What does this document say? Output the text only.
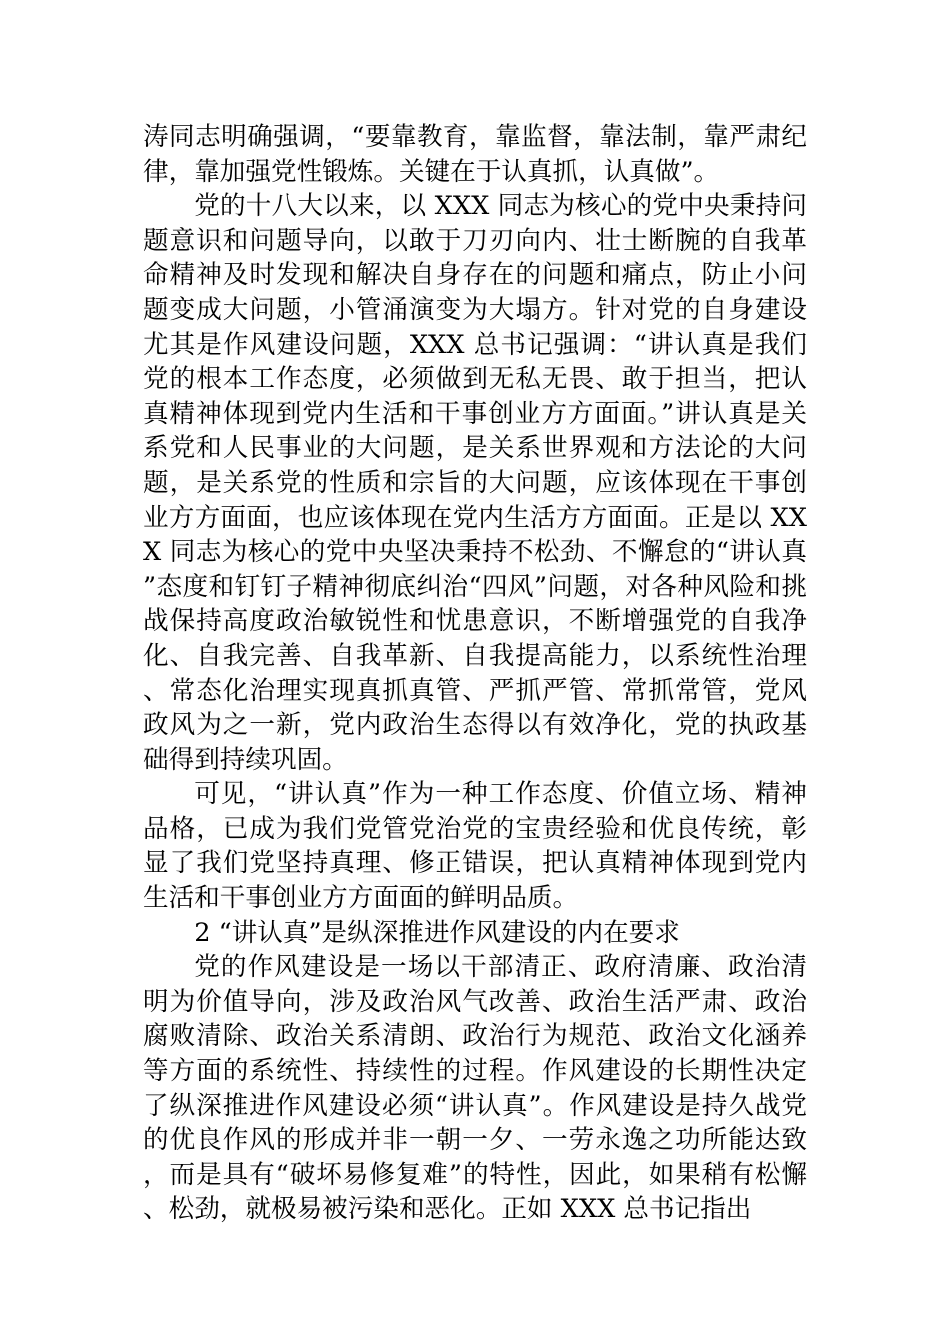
涛同志明确强调，“要靠教育，靠监督，靠法制，靠严肃纪律，靠加强党性锻炼。关键在于认真抓，认真做”。

党的十八大以来，以 XXX 同志为核心的党中央秉持问题意识和问题导向，以敢于刀刃向内、壮士断腕的自我革命精神及时发现和解决自身存在的问题和痛点，防止小问题变成大问题，小管涌演变为大塌方。针对党的自身建设尤其是作风建设问题，XXX 总书记强调：“讲认真是我们党的根本工作态度，必须做到无私无畏、敢于担当，把认真精神体现到党内生活和干事创业方方面面。”讲认真是关系党和人民事业的大问题，是关系世界观和方法论的大问题，是关系党的性质和宗旨的大问题，应该体现在干事创业方方面面，也应该体现在党内生活方方面面。正是以 XXX 同志为核心的党中央坚决秉持不松劲、不懈怠的“讲认真”态度和钉钉子精神彻底纠治“四风”问题，对各种风险和挑战保持高度政治敏锐性和忧患意识，不断增强党的自我净化、自我完善、自我革新、自我提高能力，以系统性治理、常态化治理实现真抓真管、严抓严管、常抓常管，党风政风为之一新，党内政治生态得以有效净化，党的执政基础得到持续巩固。

可见，“讲认真”作为一种工作态度、价值立场、精神品格，已成为我们党管党治党的宝贵经验和优良传统，彰显了我们党坚持真理、修正错误，把认真精神体现到党内生活和干事创业方方面面的鲜明品质。

2 “讲认真”是纵深推进作风建设的内在要求

党的作风建设是一场以干部清正、政府清廉、政治清明为价值导向，涉及政治风气改善、政治生活严肃、政治腐败清除、政治关系清朗、政治行为规范、政治文化涵养等方面的系统性、持续性的过程。作风建设的长期性决定了纵深推进作风建设必须“讲认真”。作风建设是持久战党的优良作风的形成并非一朝一夕、一劳永逸之功所能达致，而是具有“破坏易修复难”的特性，因此，如果稍有松懈、松劲，就极易被污染和恶化。正如 XXX 总书记指出
